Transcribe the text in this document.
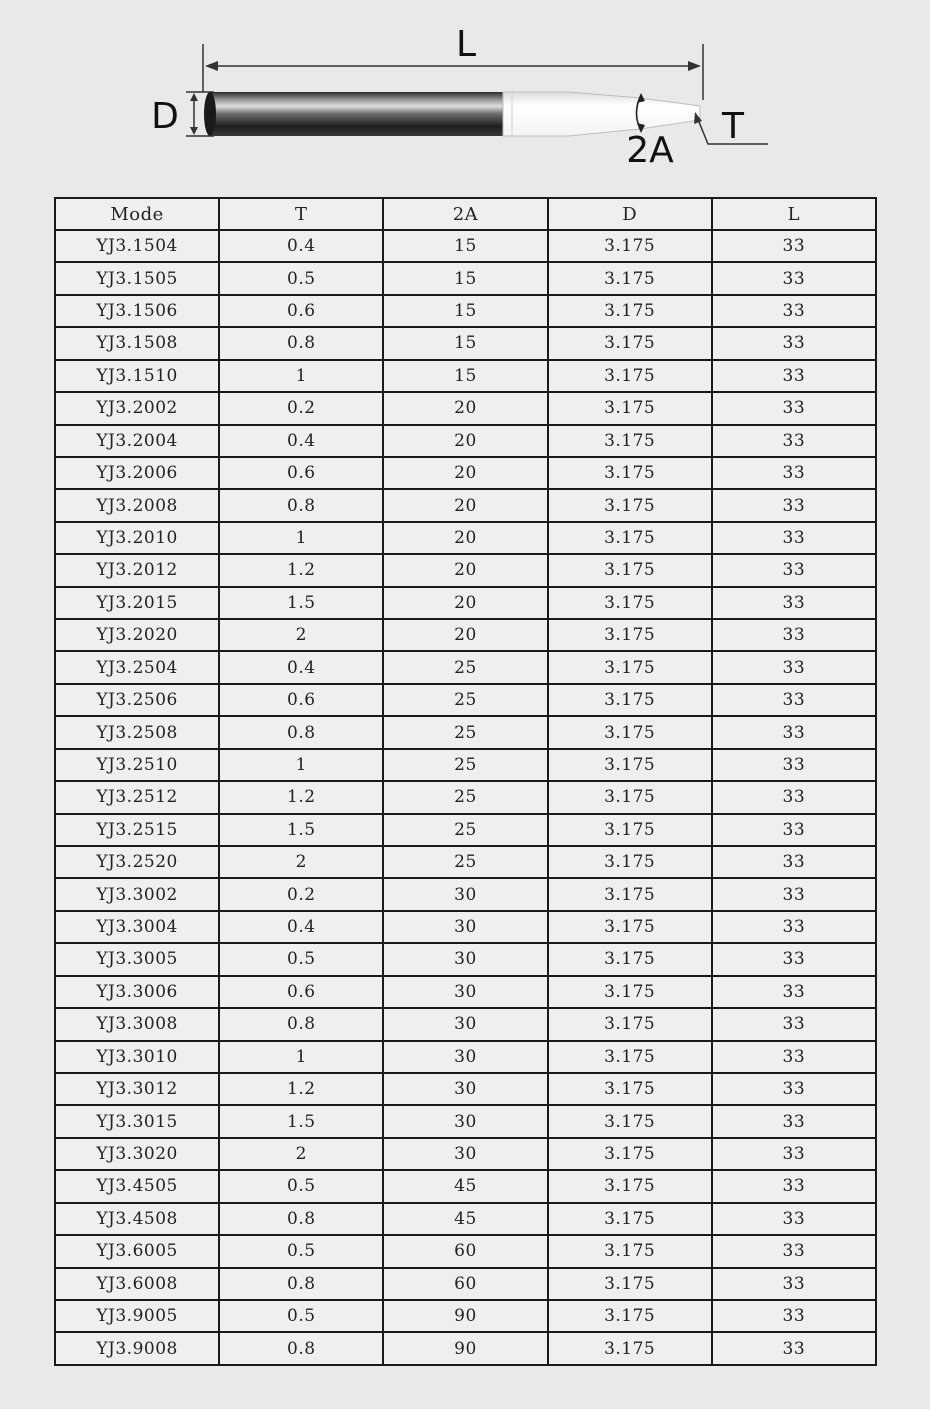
L
D
2A
T
Mode	T	2A	D	L
YJ3.1504	0.4	15	3.175	33
YJ3.1505	0.5	15	3.175	33
YJ3.1506	0.6	15	3.175	33
YJ3.1508	0.8	15	3.175	33
YJ3.1510	1	15	3.175	33
YJ3.2002	0.2	20	3.175	33
YJ3.2004	0.4	20	3.175	33
YJ3.2006	0.6	20	3.175	33
YJ3.2008	0.8	20	3.175	33
YJ3.2010	1	20	3.175	33
YJ3.2012	1.2	20	3.175	33
YJ3.2015	1.5	20	3.175	33
YJ3.2020	2	20	3.175	33
YJ3.2504	0.4	25	3.175	33
YJ3.2506	0.6	25	3.175	33
YJ3.2508	0.8	25	3.175	33
YJ3.2510	1	25	3.175	33
YJ3.2512	1.2	25	3.175	33
YJ3.2515	1.5	25	3.175	33
YJ3.2520	2	25	3.175	33
YJ3.3002	0.2	30	3.175	33
YJ3.3004	0.4	30	3.175	33
YJ3.3005	0.5	30	3.175	33
YJ3.3006	0.6	30	3.175	33
YJ3.3008	0.8	30	3.175	33
YJ3.3010	1	30	3.175	33
YJ3.3012	1.2	30	3.175	33
YJ3.3015	1.5	30	3.175	33
YJ3.3020	2	30	3.175	33
YJ3.4505	0.5	45	3.175	33
YJ3.4508	0.8	45	3.175	33
YJ3.6005	0.5	60	3.175	33
YJ3.6008	0.8	60	3.175	33
YJ3.9005	0.5	90	3.175	33
YJ3.9008	0.8	90	3.175	33
